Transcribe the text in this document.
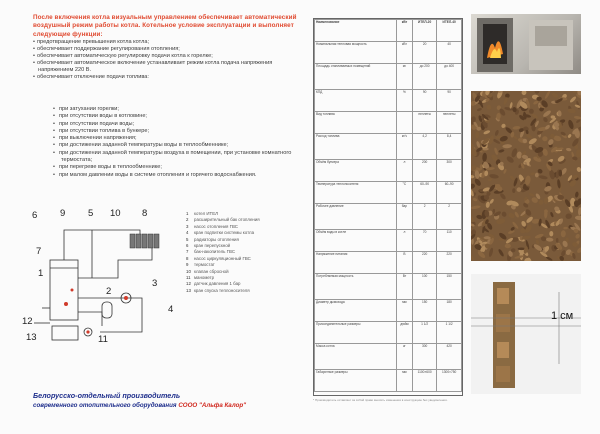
После включения котла визуальным управлением обеспечивает автоматический воздушный режим работы котла. Котельное условие эксплуатации и выполняет следующие функции:
• предотвращение превышения котла котла;
• обеспечивает поддержание регулирования отопления;
• обеспечивает автоматическую регулировку подачи котла к горелке;
• обеспечивает автоматическое включение устанавливает режим котла подача напряжения напряжением 220 В.
• обеспечивает отключение подачи топлива:
• при затухании горелки;
• при отсутствии воды в котловине;
• при отсутствии подачи воды;
• при отсутствии топлива в бункере;
• при выключении напряжения;
• при достижении заданной температуры воды в теплообменнике;
• при достижении заданной температуры воздуха в помещении, при установке комнатного термостата;
• при перегреве воды в теплообменнике;
• при малом давлении воды в системе отопления и горячего водоснабжения.
6 9 5 10 8
7
1
2
3
4
12
13	11
1	котел ИТЕЛ
2	расширительный бак отопления
3	насос отопления ГВС
4	кран подпитки системы котла
5	радиаторы отопления
6	кран перепускной
7	бак-накопитель ГВС
8	насос циркуляционный ГВС
9	термостат
10 клапан сбросной
11 манометр
12 датчик давления 1 бар
13 кран спуска теплоносителя
Белорусско-отдельный производитель
современного отопительного оборудования СООО "Альфа Калор"
Наименование	кВт	ИТЕЛ-20	ИТЕЛ-40
Номинальная тепловая мощность	кВт	20	40
Площадь отапливаемых помещений	м²	до 200	до 400
КПД	%	90	90
Вид топлива		пеллеты	пеллеты
Расход топлива	кг/ч	4,2	8,4
Объём бункера	л	200	300
Температура теплоносителя	°С	60–90	60–90
Рабочее давление	бар	2	2
Объём воды в котле	л	70	110
Напряжение питания	В	220	220
Потребляемая мощность	Вт	100	150
Диаметр дымохода	мм	150	180
Присоединительные размеры	дюйм	1 1/2	1 1/2
Масса котла	кг	300	420
Габаритные размеры	мм	1100×600	1300×750
* Производитель оставляет за собой право вносить изменения в конструкцию без уведомления.
1 см
